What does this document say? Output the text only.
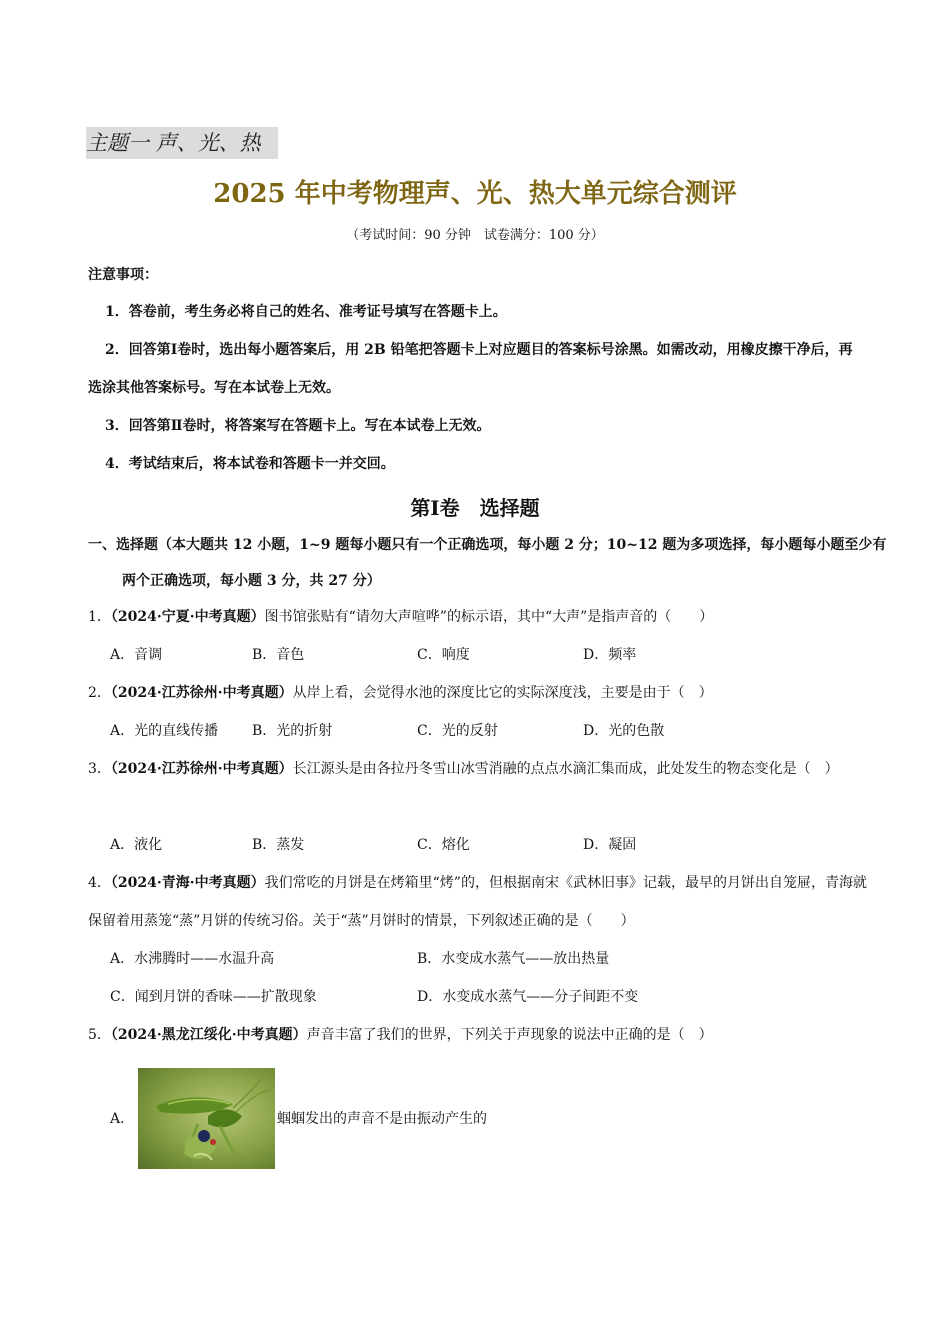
主题一 声、光、热
2025 年中考物理声、光、热大单元综合测评
（考试时间：90 分钟　试卷满分：100 分）
注意事项：
1．答卷前，考生务必将自己的姓名、准考证号填写在答题卡上。
2．回答第Ⅰ卷时，选出每小题答案后，用 2B 铅笔把答题卡上对应题目的答案标号涂黑。如需改动，用橡皮擦干净后，再选涂其他答案标号。写在本试卷上无效。
3．回答第Ⅱ卷时，将答案写在答题卡上。写在本试卷上无效。
4．考试结束后，将本试卷和答题卡一并交回。
第Ⅰ卷　选择题
一、选择题（本大题共 12 小题，1~9 题每小题只有一个正确选项，每小题 2 分；10~12 题为多项选择，每小题每小题至少有两个正确选项，每小题 3 分，共 27 分）
1．（2024·宁夏·中考真题）图书馆张贴有“请勿大声喧哗”的标示语，其中“大声”是指声音的（　　）
A．音调	B．音色	C．响度	D．频率
2．（2024·江苏徐州·中考真题）从岸上看，会觉得水池的深度比它的实际深度浅，主要是由于（　）
A．光的直线传播 B．光的折射	C．光的反射	D．光的色散
3．（2024·江苏徐州·中考真题）长江源头是由各拉丹冬雪山冰雪消融的点点水滴汇集而成，此处发生的物态变化是（　）
A．液化	B．蒸发	C．熔化	D．凝固
4．（2024·青海·中考真题）我们常吃的月饼是在烤箱里“烤”的，但根据南宋《武林旧事》记载，最早的月饼出自笼屉，青海就保留着用蒸笼“蒸”月饼的传统习俗。关于“蒸”月饼时的情景，下列叙述正确的是（　　）
A．水沸腾时——水温升高	B．水变成水蒸气——放出热量
C．闻到月饼的香味——扩散现象	D．水变成水蒸气——分子间距不变
5．（2024·黑龙江绥化·中考真题）声音丰富了我们的世界，下列关于声现象的说法中正确的是（　）
A．	蝈蝈发出的声音不是由振动产生的
